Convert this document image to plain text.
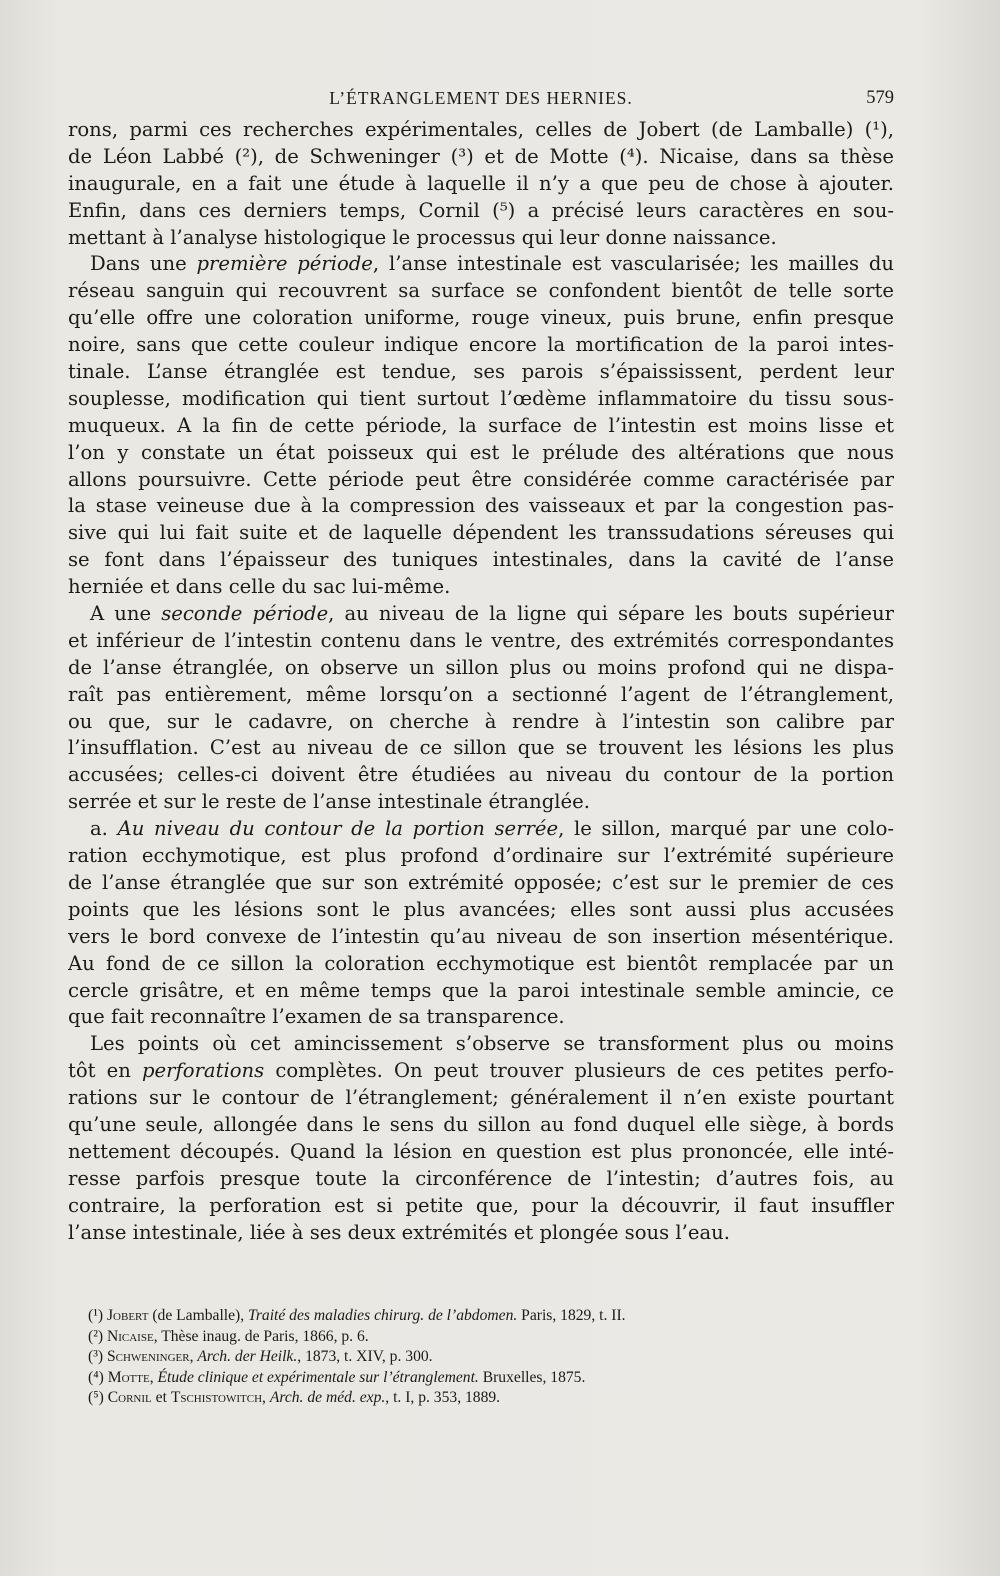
L’ÉTRANGLEMENT DES HERNIES.	579
rons, parmi ces recherches expérimentales, celles de Jobert (de Lamballe) (¹),
de Léon Labbé (²), de Schweninger (³) et de Motte (⁴). Nicaise, dans sa thèse
inaugurale, en a fait une étude à laquelle il n’y a que peu de chose à ajouter.
Enfin, dans ces derniers temps, Cornil (⁵) a précisé leurs caractères en sou-
mettant à l’analyse histologique le processus qui leur donne naissance.
Dans une première période, l’anse intestinale est vascularisée; les mailles du
réseau sanguin qui recouvrent sa surface se confondent bientôt de telle sorte
qu’elle offre une coloration uniforme, rouge vineux, puis brune, enfin presque
noire, sans que cette couleur indique encore la mortification de la paroi intes-
tinale. L’anse étranglée est tendue, ses parois s’épaississent, perdent leur
souplesse, modification qui tient surtout l’œdème inflammatoire du tissu sous-
muqueux. A la fin de cette période, la surface de l’intestin est moins lisse et
l’on y constate un état poisseux qui est le prélude des altérations que nous
allons poursuivre. Cette période peut être considérée comme caractérisée par
la stase veineuse due à la compression des vaisseaux et par la congestion pas-
sive qui lui fait suite et de laquelle dépendent les transsudations séreuses qui
se font dans l’épaisseur des tuniques intestinales, dans la cavité de l’anse
herniée et dans celle du sac lui-même.
A une seconde période, au niveau de la ligne qui sépare les bouts supérieur
et inférieur de l’intestin contenu dans le ventre, des extrémités correspondantes
de l’anse étranglée, on observe un sillon plus ou moins profond qui ne dispa-
raît pas entièrement, même lorsqu’on a sectionné l’agent de l’étranglement,
ou que, sur le cadavre, on cherche à rendre à l’intestin son calibre par
l’insufflation. C’est au niveau de ce sillon que se trouvent les lésions les plus
accusées; celles-ci doivent être étudiées au niveau du contour de la portion
serrée et sur le reste de l’anse intestinale étranglée.
a. Au niveau du contour de la portion serrée, le sillon, marqué par une colo-
ration ecchymotique, est plus profond d’ordinaire sur l’extrémité supérieure
de l’anse étranglée que sur son extrémité opposée; c’est sur le premier de ces
points que les lésions sont le plus avancées; elles sont aussi plus accusées
vers le bord convexe de l’intestin qu’au niveau de son insertion mésentérique.
Au fond de ce sillon la coloration ecchymotique est bientôt remplacée par un
cercle grisâtre, et en même temps que la paroi intestinale semble amincie, ce
que fait reconnaître l’examen de sa transparence.
Les points où cet amincissement s’observe se transforment plus ou moins
tôt en perforations complètes. On peut trouver plusieurs de ces petites perfo-
rations sur le contour de l’étranglement; généralement il n’en existe pourtant
qu’une seule, allongée dans le sens du sillon au fond duquel elle siège, à bords
nettement découpés. Quand la lésion en question est plus prononcée, elle inté-
resse parfois presque toute la circonférence de l’intestin; d’autres fois, au
contraire, la perforation est si petite que, pour la découvrir, il faut insuffler
l’anse intestinale, liée à ses deux extrémités et plongée sous l’eau.
(¹) Jobert (de Lamballe), Traité des maladies chirurg. de l’abdomen. Paris, 1829, t. II.
(²) Nicaise, Thèse inaug. de Paris, 1866, p. 6.
(³) Schweninger, Arch. der Heilk., 1873, t. XIV, p. 300.
(⁴) Motte, Étude clinique et expérimentale sur l’étranglement. Bruxelles, 1875.
(⁵) Cornil et Tschistowitch, Arch. de méd. exp., t. I, p. 353, 1889.
